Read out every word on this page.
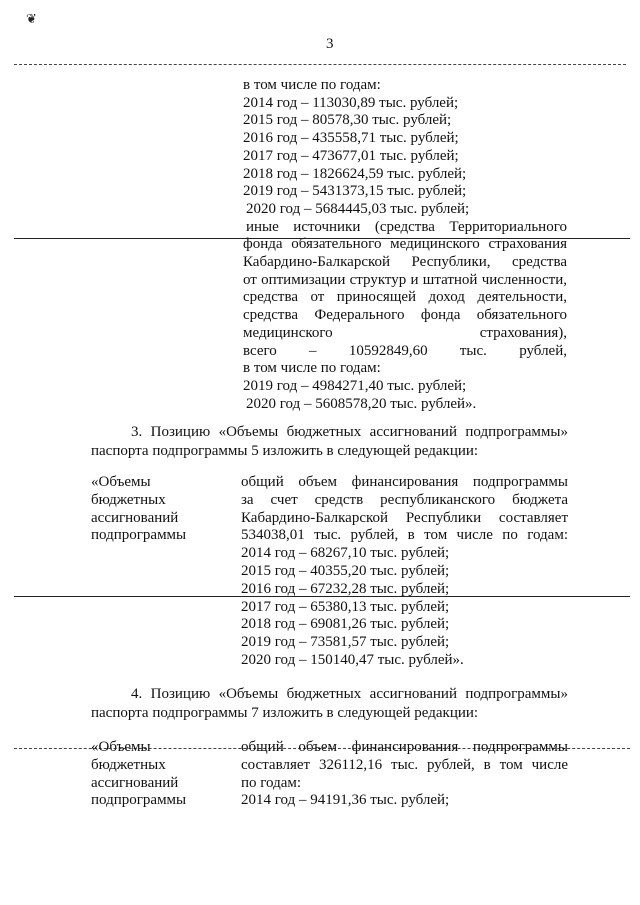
3
❦
в том числе по годам:
2014 год – 113030,89 тыс. рублей;
2015 год – 80578,30 тыс. рублей;
2016 год – 435558,71 тыс. рублей;
2017 год – 473677,01 тыс. рублей;
2018 год – 1826624,59 тыс. рублей;
2019 год – 5431373,15 тыс. рублей;
2020 год – 5684445,03 тыс. рублей;
иные источники (средства Территориального
фонда обязательного медицинского страхования
Кабардино-Балкарской Республики, средства
от оптимизации структур и штатной численности,
средства от приносящей доход деятельности,
средства Федерального фонда обязательного
медицинского страхования),
всего – 10592849,60 тыс. рублей,
в том числе по годам:
2019 год – 4984271,40 тыс. рублей;
2020 год – 5608578,20 тыс. рублей».
3. Позицию «Объемы бюджетных ассигнований подпрограммы»
паспорта подпрограммы 5 изложить в следующей редакции:
«Объемы
бюджетных
ассигнований
подпрограммы
общий объем финансирования подпрограммы
за счет средств республиканского бюджета
Кабардино-Балкарской Республики составляет
534038,01 тыс. рублей, в том числе по годам:
2014 год – 68267,10 тыс. рублей;
2015 год – 40355,20 тыс. рублей;
2016 год – 67232,28 тыс. рублей;
2017 год – 65380,13 тыс. рублей;
2018 год – 69081,26 тыс. рублей;
2019 год – 73581,57 тыс. рублей;
2020 год – 150140,47 тыс. рублей».
4. Позицию «Объемы бюджетных ассигнований подпрограммы»
паспорта подпрограммы 7 изложить в следующей редакции:
«Объемы
бюджетных
ассигнований
подпрограммы
общий объем финансирования подпрограммы
составляет 326112,16 тыс. рублей, в том числе
по годам:
2014 год – 94191,36 тыс. рублей;
